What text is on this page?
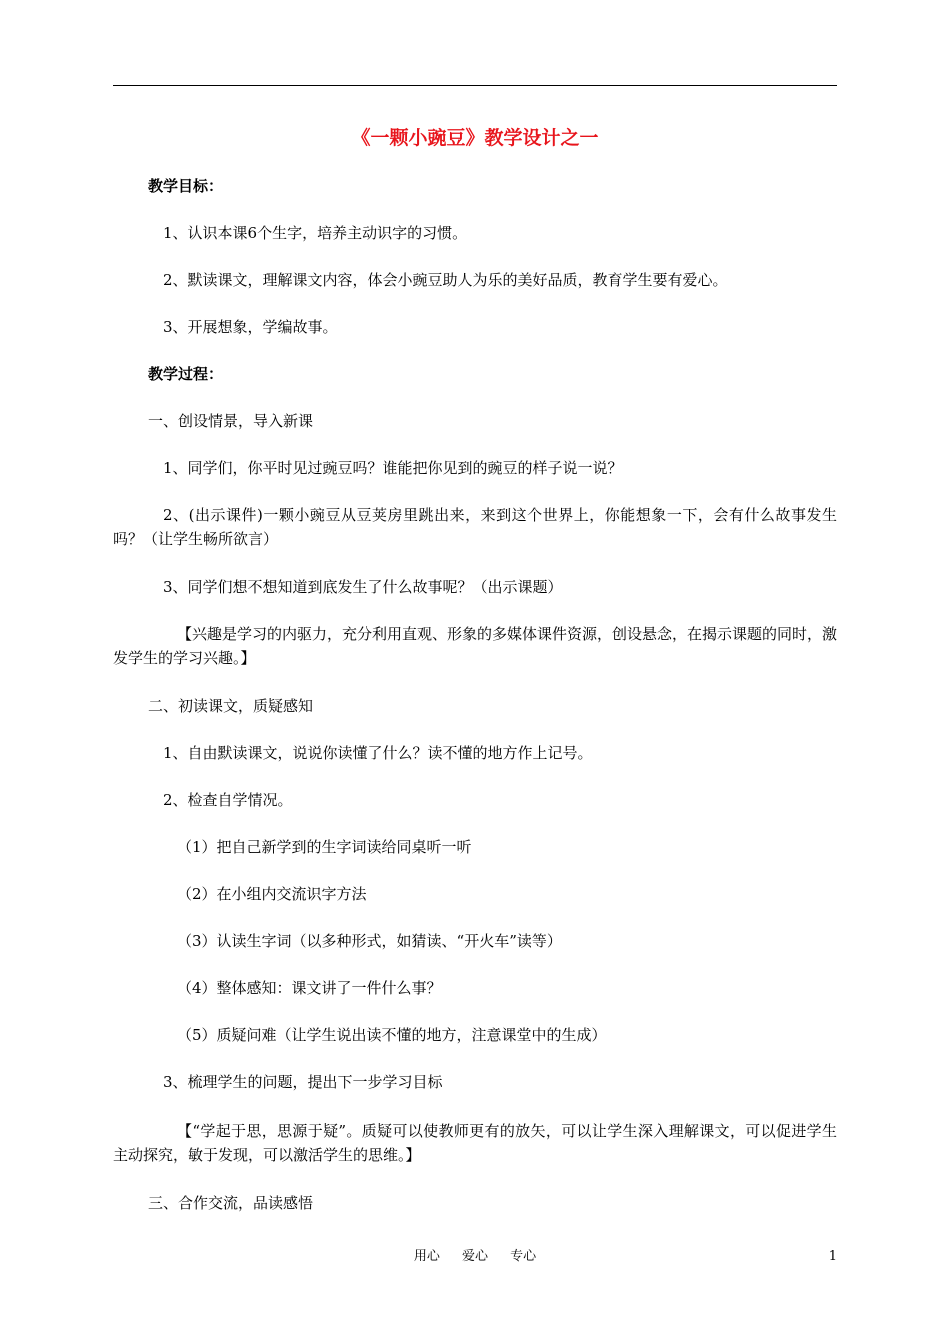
《一颗小豌豆》教学设计之一
教学目标：
1、认识本课6个生字，培养主动识字的习惯。
2、默读课文，理解课文内容，体会小豌豆助人为乐的美好品质，教育学生要有爱心。
3、开展想象，学编故事。
教学过程：
一、创设情景，导入新课
1、同学们，你平时见过豌豆吗？谁能把你见到的豌豆的样子说一说？
2、(出示课件)一颗小豌豆从豆荚房里跳出来，来到这个世界上，你能想象一下，会有什么故事发生吗？（让学生畅所欲言）
3、同学们想不想知道到底发生了什么故事呢？（出示课题）
【兴趣是学习的内驱力，充分利用直观、形象的多媒体课件资源，创设悬念，在揭示课题的同时，激发学生的学习兴趣。】
二、初读课文，质疑感知
1、自由默读课文，说说你读懂了什么？读不懂的地方作上记号。
2、检查自学情况。
（1）把自己新学到的生字词读给同桌听一听
（2）在小组内交流识字方法
（3）认读生字词（以多种形式，如猜读、“开火车”读等）
（4）整体感知：课文讲了一件什么事？
（5）质疑问难（让学生说出读不懂的地方，注意课堂中的生成）
3、梳理学生的问题，提出下一步学习目标
【“学起于思，思源于疑”。质疑可以使教师更有的放矢，可以让学生深入理解课文，可以促进学生主动探究，敏于发现，可以激活学生的思维。】
三、合作交流，品读感悟
用心 爱心 专心	1
